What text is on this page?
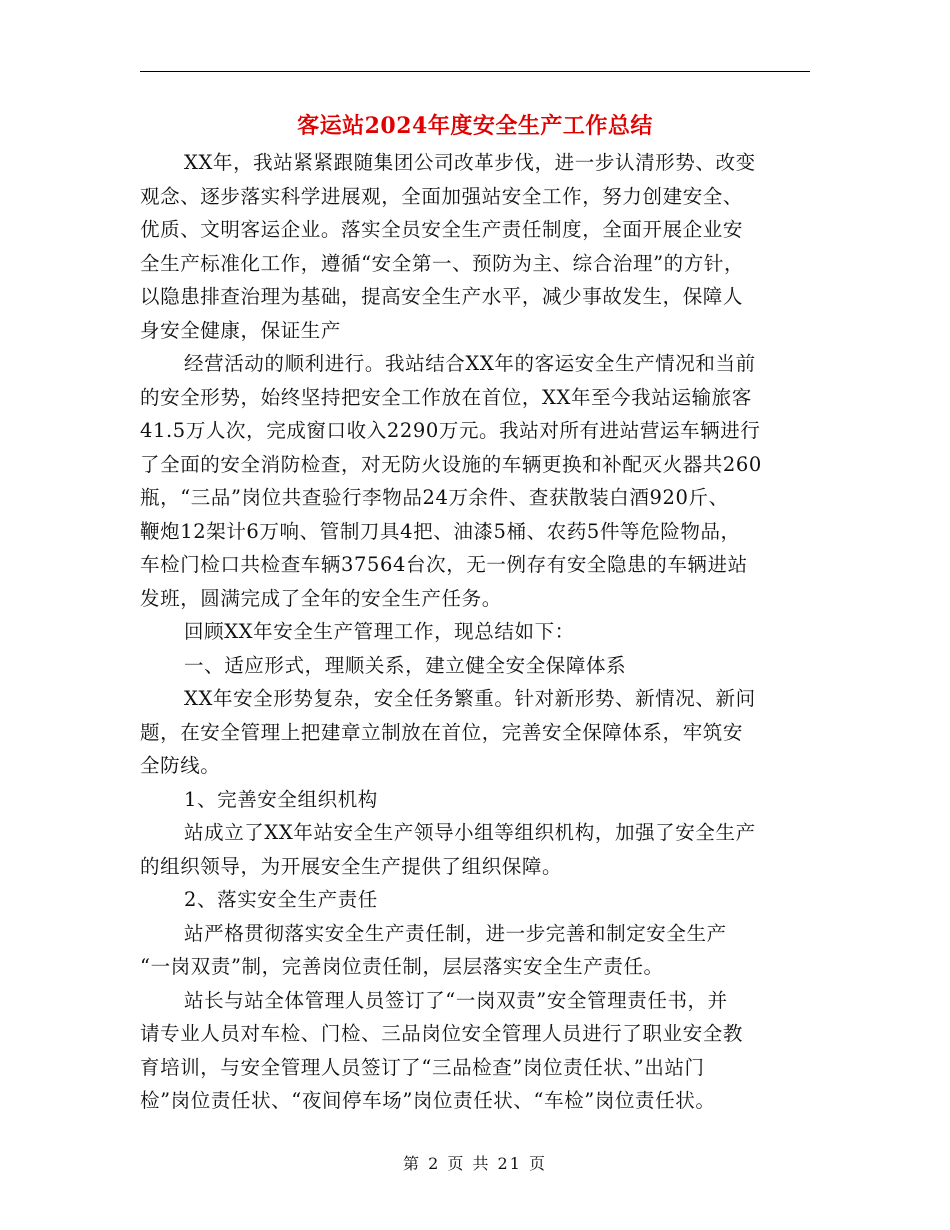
客运站2024年度安全生产工作总结
XX年，我站紧紧跟随集团公司改革步伐，进一步认清形势、改变
观念、逐步落实科学进展观，全面加强站安全工作，努力创建安全、
优质、文明客运企业。落实全员安全生产责任制度，全面开展企业安
全生产标准化工作，遵循“安全第一、预防为主、综合治理”的方针，
以隐患排查治理为基础，提高安全生产水平，减少事故发生，保障人
身安全健康，保证生产
经营活动的顺利进行。我站结合XX年的客运安全生产情况和当前
的安全形势，始终坚持把安全工作放在首位，XX年至今我站运输旅客
41.5万人次，完成窗口收入2290万元。我站对所有进站营运车辆进行
了全面的安全消防检查，对无防火设施的车辆更换和补配灭火器共260
瓶，“三品”岗位共查验行李物品24万余件、查获散装白酒920斤、
鞭炮12架计6万响、管制刀具4把、油漆5桶、农药5件等危险物品，
车检门检口共检查车辆37564台次，无一例存有安全隐患的车辆进站
发班，圆满完成了全年的安全生产任务。
回顾XX年安全生产管理工作，现总结如下：
一、适应形式，理顺关系，建立健全安全保障体系
XX年安全形势复杂，安全任务繁重。针对新形势、新情况、新问
题，在安全管理上把建章立制放在首位，完善安全保障体系，牢筑安
全防线。
1、完善安全组织机构
站成立了XX年站安全生产领导小组等组织机构，加强了安全生产
的组织领导，为开展安全生产提供了组织保障。
2、落实安全生产责任
站严格贯彻落实安全生产责任制，进一步完善和制定安全生产
“一岗双责”制，完善岗位责任制，层层落实安全生产责任。
站长与站全体管理人员签订了“一岗双责”安全管理责任书，并
请专业人员对车检、门检、三品岗位安全管理人员进行了职业安全教
育培训，与安全管理人员签订了“三品检查”岗位责任状、”出站门
检”岗位责任状、“夜间停车场”岗位责任状、“车检”岗位责任状。
第 2 页 共 21 页
